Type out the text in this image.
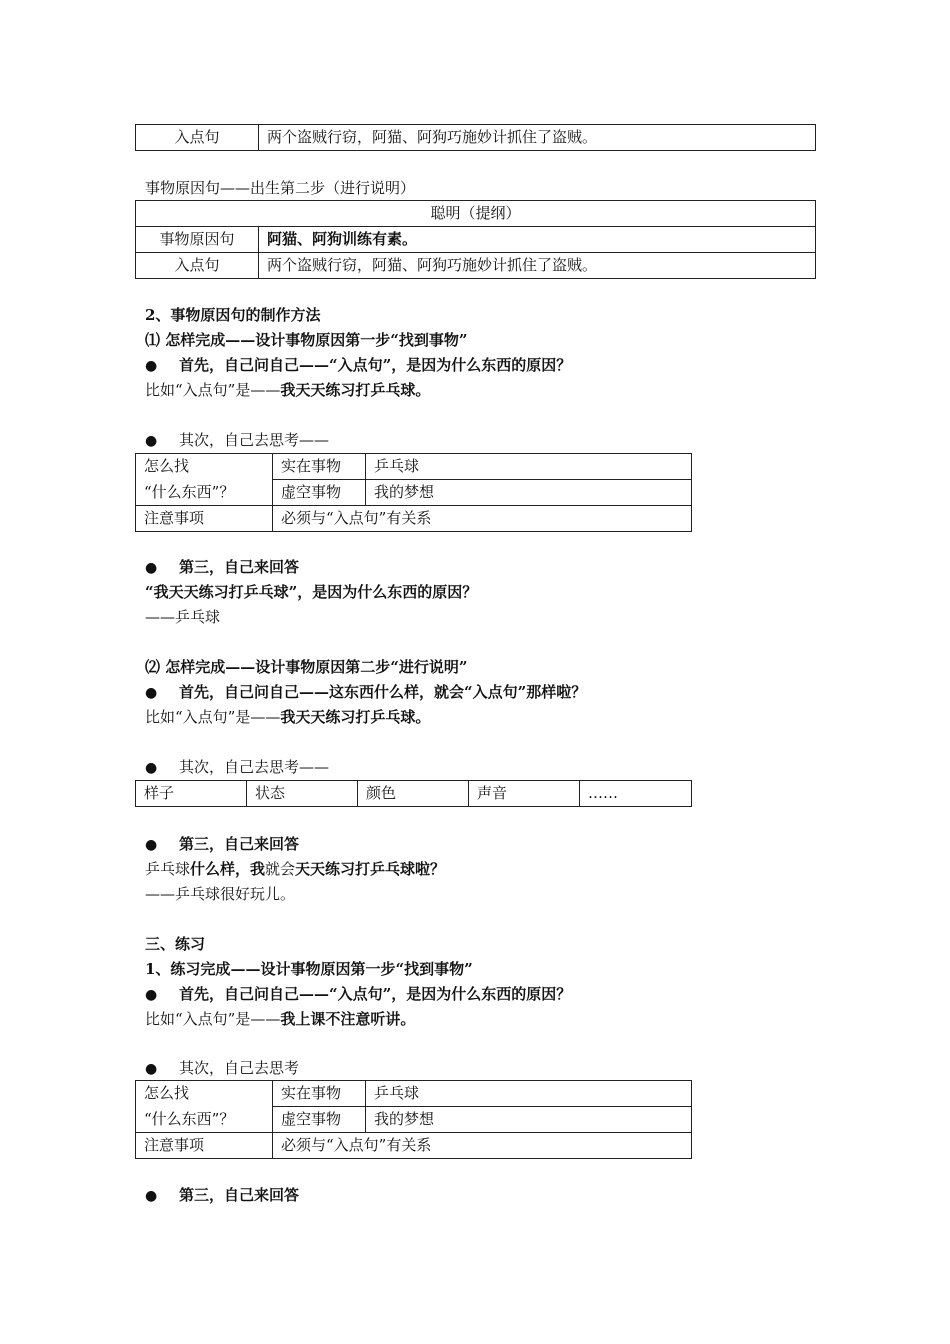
入点句	两个盗贼行窃，阿猫、阿狗巧施妙计抓住了盗贼。
事物原因句——出生第二步（进行说明）
聪明（提纲）	
事物原因句	阿猫、阿狗训练有素。
入点句	两个盗贼行窃，阿猫、阿狗巧施妙计抓住了盗贼。
2、事物原因句的制作方法
⑴ 怎样完成——设计事物原因第一步“找到事物”
●首先，自己问自己——“入点句”，是因为什么东西的原因？
比如“入点句”是——我天天练习打乒乓球。
●其次，自己去思考——
怎么找	实在事物	乒乓球
“什么东西”？	虚空事物	我的梦想
注意事项	必须与“入点句”有关系	
●第三，自己来回答
“我天天练习打乒乓球”，是因为什么东西的原因？
——乒乓球
⑵ 怎样完成——设计事物原因第二步“进行说明”
●首先，自己问自己——这东西什么样，就会“入点句”那样啦？
比如“入点句”是——我天天练习打乒乓球。
●其次，自己去思考——
样子	状态	颜色	声音	……
●第三，自己来回答
乒乓球什么样，我就会天天练习打乒乓球啦？
——乒乓球很好玩儿。
三、练习
1、练习完成——设计事物原因第一步“找到事物”
●首先，自己问自己——“入点句”，是因为什么东西的原因？
比如“入点句”是——我上课不注意听讲。
●其次，自己去思考
怎么找	实在事物	乒乓球
“什么东西”？	虚空事物	我的梦想
注意事项	必须与“入点句”有关系	
●第三，自己来回答
